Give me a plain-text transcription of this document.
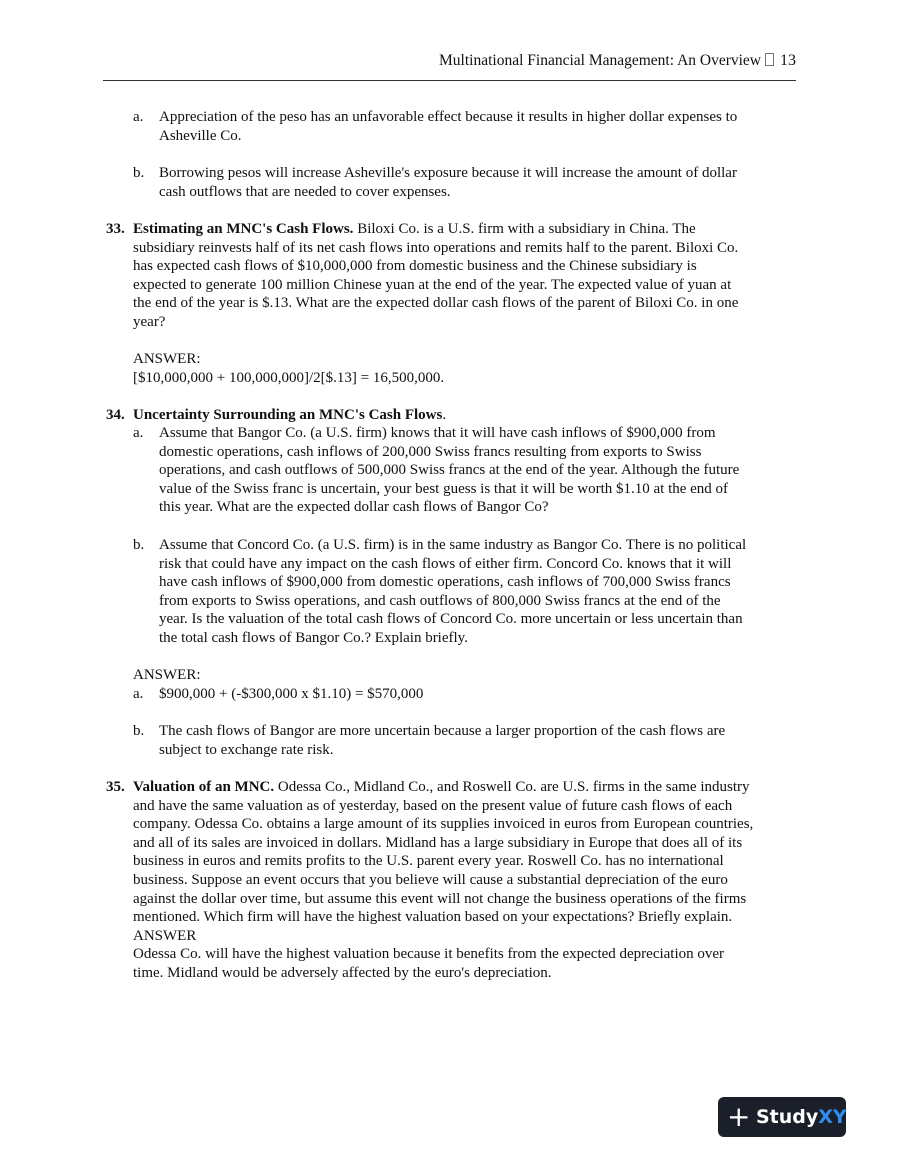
Multinational Financial Management: An Overview 13
a. Appreciation of the peso has an unfavorable effect because it results in higher dollar expenses to
Asheville Co.
b. Borrowing pesos will increase Asheville's exposure because it will increase the amount of dollar
cash outflows that are needed to cover expenses.
33. Estimating an MNC's Cash Flows. Biloxi Co. is a U.S. firm with a subsidiary in China. The
subsidiary reinvests half of its net cash flows into operations and remits half to the parent. Biloxi Co.
has expected cash flows of $10,000,000 from domestic business and the Chinese subsidiary is
expected to generate 100 million Chinese yuan at the end of the year. The expected value of yuan at
the end of the year is $.13. What are the expected dollar cash flows of the parent of Biloxi Co. in one
year?
ANSWER:
[$10,000,000 + 100,000,000]/2[$.13] = 16,500,000.
34. Uncertainty Surrounding an MNC's Cash Flows.
a. Assume that Bangor Co. (a U.S. firm) knows that it will have cash inflows of $900,000 from
domestic operations, cash inflows of 200,000 Swiss francs resulting from exports to Swiss
operations, and cash outflows of 500,000 Swiss francs at the end of the year. Although the future
value of the Swiss franc is uncertain, your best guess is that it will be worth $1.10 at the end of
this year. What are the expected dollar cash flows of Bangor Co?
b. Assume that Concord Co. (a U.S. firm) is in the same industry as Bangor Co. There is no political
risk that could have any impact on the cash flows of either firm. Concord Co. knows that it will
have cash inflows of $900,000 from domestic operations, cash inflows of 700,000 Swiss francs
from exports to Swiss operations, and cash outflows of 800,000 Swiss francs at the end of the
year. Is the valuation of the total cash flows of Concord Co. more uncertain or less uncertain than
the total cash flows of Bangor Co.? Explain briefly.
ANSWER:
a. $900,000 + (-$300,000 x $1.10) = $570,000
b. The cash flows of Bangor are more uncertain because a larger proportion of the cash flows are
subject to exchange rate risk.
35. Valuation of an MNC. Odessa Co., Midland Co., and Roswell Co. are U.S. firms in the same industry
and have the same valuation as of yesterday, based on the present value of future cash flows of each
company. Odessa Co. obtains a large amount of its supplies invoiced in euros from European countries,
and all of its sales are invoiced in dollars. Midland has a large subsidiary in Europe that does all of its
business in euros and remits profits to the U.S. parent every year. Roswell Co. has no international
business. Suppose an event occurs that you believe will cause a substantial depreciation of the euro
against the dollar over time, but assume this event will not change the business operations of the firms
mentioned. Which firm will have the highest valuation based on your expectations? Briefly explain.
ANSWER
Odessa Co. will have the highest valuation because it benefits from the expected depreciation over
time. Midland would be adversely affected by the euro's depreciation.
+ StudyXY
